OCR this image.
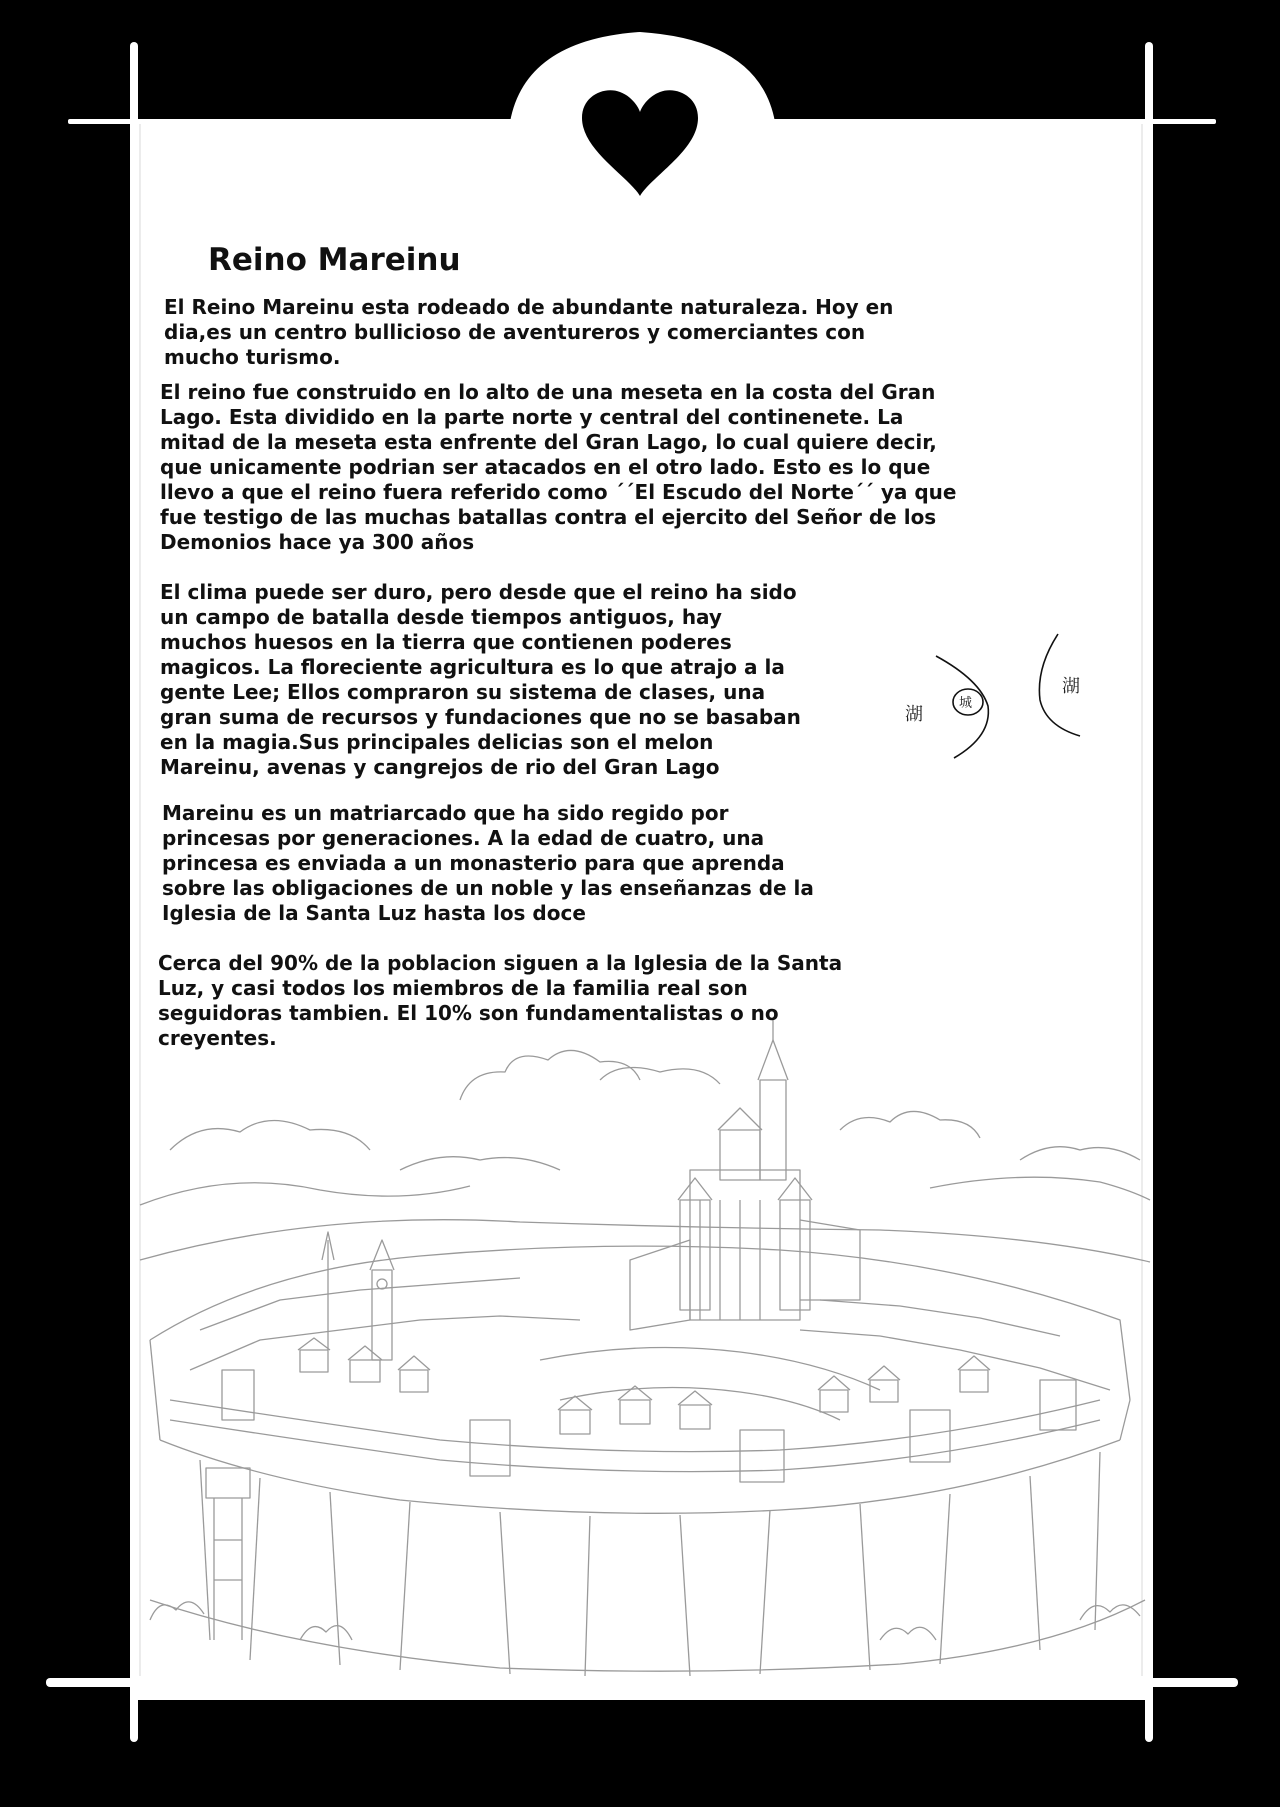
Reino Mareinu

El Reino Mareinu esta rodeado de abundante naturaleza. Hoy en
dia,es un centro bullicioso de aventureros y comerciantes con
mucho turismo.

El reino fue construido en lo alto de una meseta en la costa del Gran
Lago. Esta dividido en la parte norte y central del continenete. La
mitad de la meseta esta enfrente del Gran Lago, lo cual quiere decir,
que unicamente podrian ser atacados en el otro lado. Esto es lo que
llevo a que el reino fuera referido como ´´El Escudo del Norte´´ ya que
fue testigo de las muchas batallas contra el ejercito del Señor de los
Demonios hace ya 300 años

El clima puede ser duro, pero desde que el reino ha sido
un campo de batalla desde tiempos antiguos, hay
muchos huesos en la tierra que contienen poderes
magicos. La floreciente agricultura es lo que atrajo a la
gente Lee; Ellos compraron su sistema de clases, una
gran suma de recursos y fundaciones que no se basaban
en la magia.Sus principales delicias son el melon
Mareinu, avenas y cangrejos de rio del Gran Lago

Mareinu es un matriarcado que ha sido regido por
princesas por generaciones. A la edad de cuatro, una
princesa es enviada a un monasterio para que aprenda
sobre las obligaciones de un noble y las enseñanzas de la
Iglesia de la Santa Luz hasta los doce

Cerca del 90% de la poblacion siguen a la Iglesia de la Santa
Luz, y casi todos los miembros de la familia real son
seguidoras tambien. El 10% son fundamentalistas o no
creyentes.

湖
城
湖
